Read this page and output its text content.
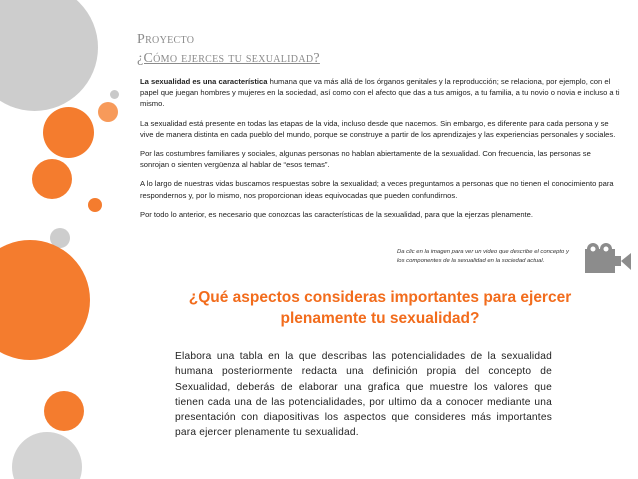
Proyecto
¿Cómo ejerces tu sexualidad?

La sexualidad es una característica humana que va más allá de los órganos genitales y la reproducción; se relaciona, por ejemplo, con el papel que juegan hombres y mujeres en la sociedad, así como con el afecto que das a tus amigos, a tu familia, a tu novio o novia e incluso a ti mismo.

La sexualidad está presente en todas las etapas de la vida, incluso desde que nacemos. Sin embargo, es diferente para cada persona y se vive de manera distinta en cada pueblo del mundo, porque se construye a partir de los aprendizajes y las experiencias personales y sociales.

Por las costumbres familiares y sociales, algunas personas no hablan abiertamente de la sexualidad. Con frecuencia, las personas se sonrojan o sienten vergüenza al hablar de “esos temas”.

A lo largo de nuestras vidas buscamos respuestas sobre la sexualidad; a veces preguntamos a personas que no tienen el conocimiento para respondernos y, por lo mismo, nos proporcionan ideas equivocadas que pueden confundirnos.

Por todo lo anterior, es necesario que conozcas las características de la sexualidad, para que la ejerzas plenamente.

Da clic en la imagen para ver un video que describe el concepto y los componentes de la sexualidad en la sociedad actual.
¿Qué aspectos consideras importantes para ejercer plenamente tu sexualidad?
Elabora una tabla en la que describas las potencialidades de la sexualidad humana posteriormente redacta una definición propia del concepto de Sexualidad, deberás de elaborar una grafica que muestre los valores que tienen cada una de las potencialidades, por ultimo da a conocer mediante una presentación con diapositivas los aspectos que consideres más importantes para ejercer plenamente tu sexualidad.
